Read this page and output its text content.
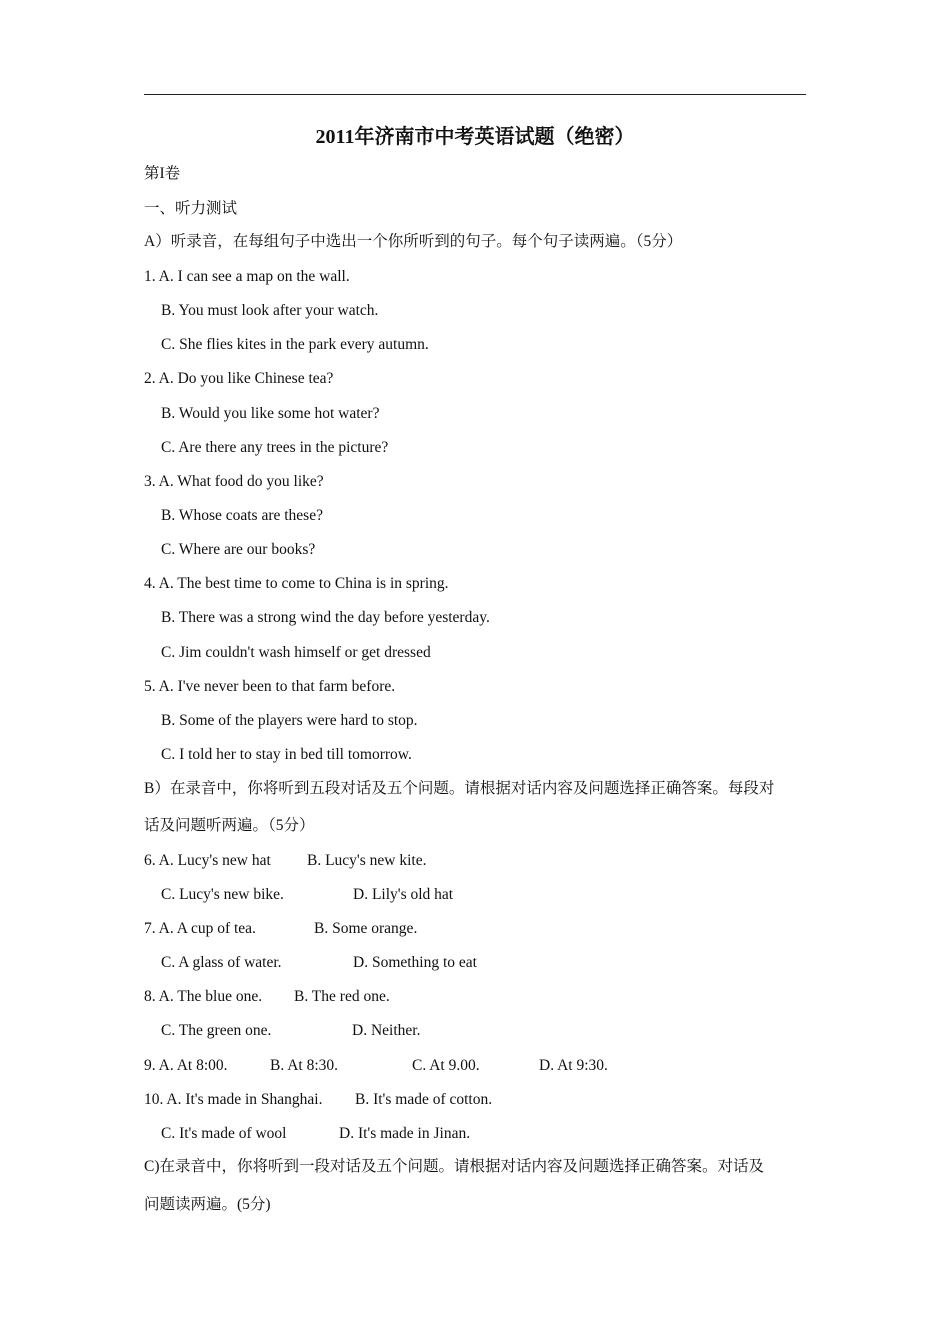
2011年济南市中考英语试题（绝密）
第I卷
一、听力测试
A）听录音，在每组句子中选出一个你所听到的句子。每个句子读两遍。（5分）
1. A. I can see a map on the wall.
B. You must look after your watch.
C. She flies kites in the park every autumn.
2. A. Do you like Chinese tea?
B. Would you like some hot water?
C. Are there any trees in the picture?
3. A. What food do you like?
B. Whose coats are these?
C. Where are our books?
4. A. The best time to come to China is in spring.
B. There was a strong wind the day before yesterday.
C. Jim couldn't wash himself or get dressed
5. A. I've never been to that farm before.
B. Some of the players were hard to stop.
C. I told her to stay in bed till tomorrow.
B）在录音中，你将听到五段对话及五个问题。请根据对话内容及问题选择正确答案。每段对
话及问题听两遍。（5分）
6. A. Lucy's new hat B. Lucy's new kite.
C. Lucy's new bike.	D. Lily's old hat
7. A. A cup of tea.	B. Some orange.
C. A glass of water.	D. Something to eat
8. A. The blue one. B. The red one.
C. The green one.	D. Neither.
9. A. At 8:00.	B. At 8:30.	C. At 9.00.	D. At 9:30.
10. A. It's made in Shanghai. B. It's made of cotton.
C. It's made of wool	D. It's made in Jinan.
C)在录音中，你将听到一段对话及五个问题。请根据对话内容及问题选择正确答案。对话及
问题读两遍。(5分)
